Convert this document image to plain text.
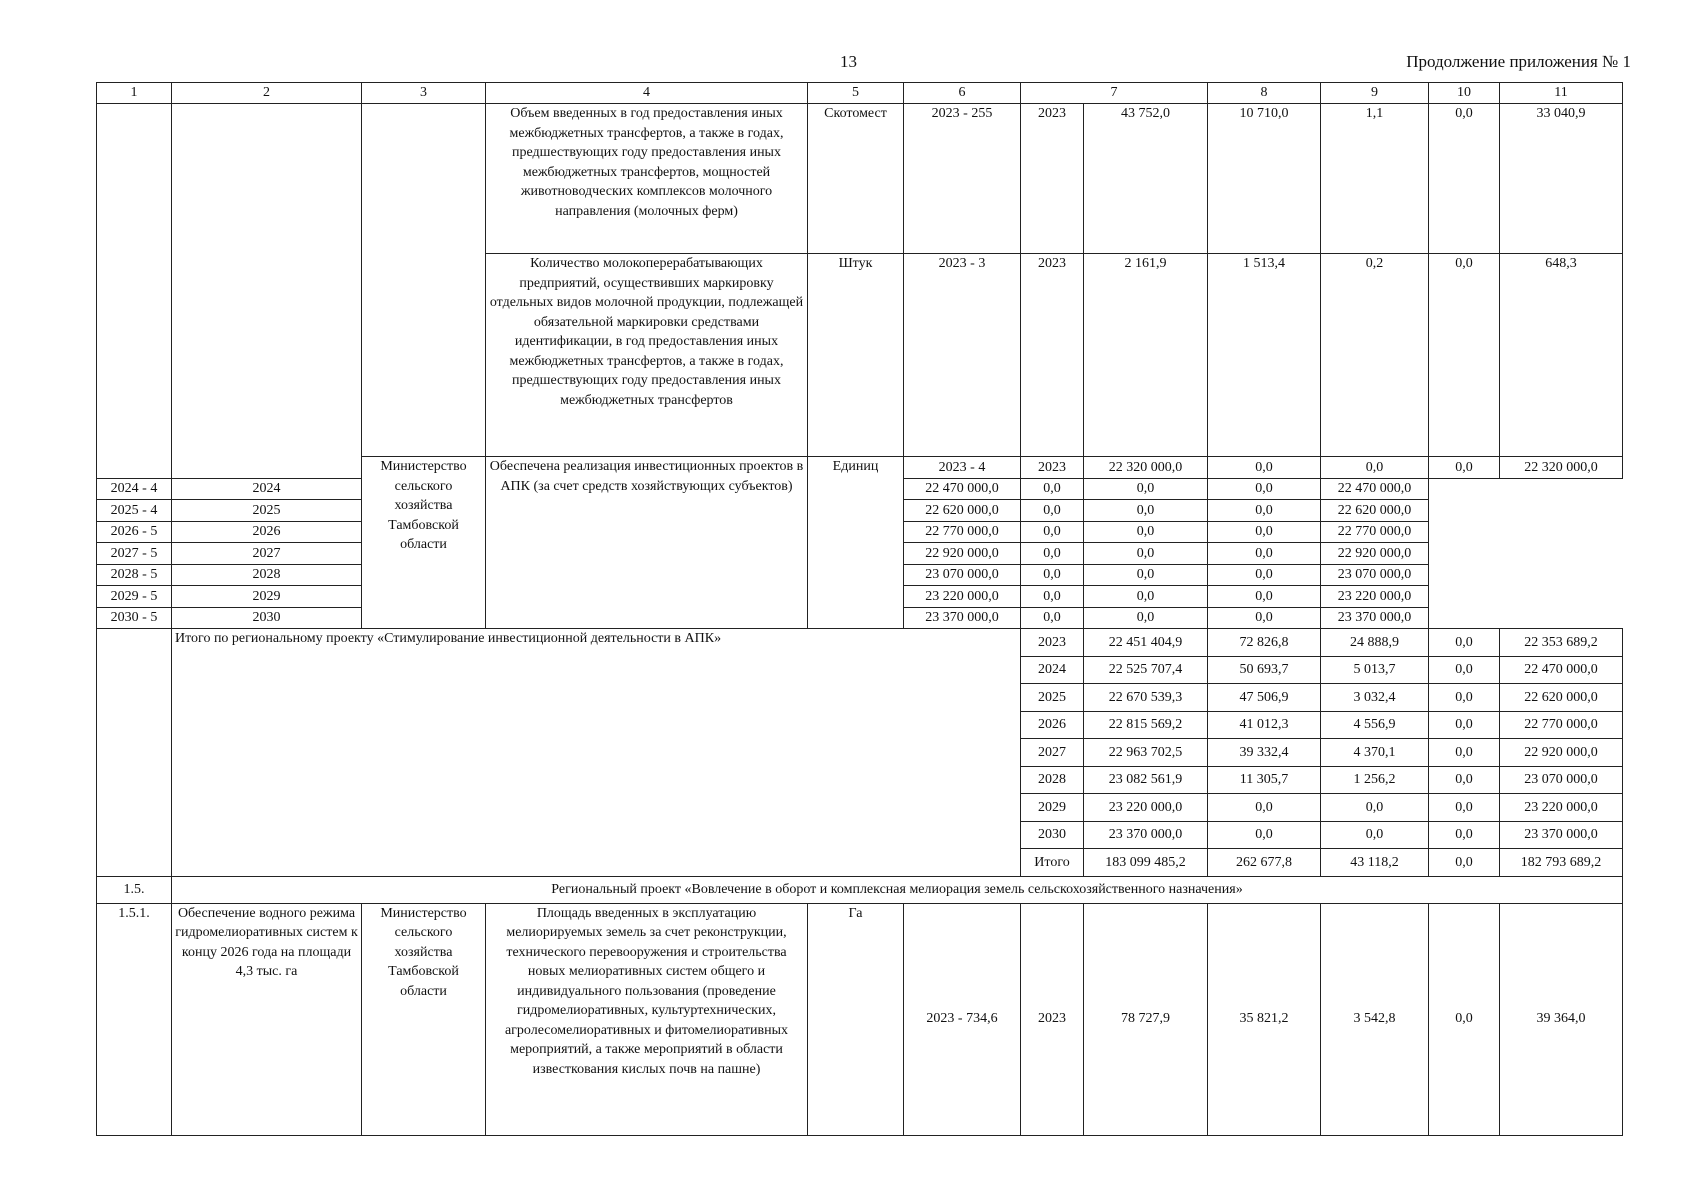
13	Продолжение приложения № 1
1	2	3	4	5	6	7		8	9	10	11
			Объем введенных в год предоставления иных межбюджетных трансфертов, а также в годах, предшествующих году предоставления иных межбюджетных трансфертов, мощностей животноводческих комплексов молочного направления (молочных ферм)	Скотомест	2023 - 255	2023	43 752,0	10 710,0	1,1	0,0	33 040,9
			Количество молокоперерабатывающих предприятий, осуществивших маркировку отдельных видов молочной продукции, подлежащей обязательной маркировки средствами идентификации, в год предоставления иных межбюджетных трансфертов, а также в годах, предшествующих году предоставления иных межбюджетных трансфертов	Штук	2023 - 3	2023	2 161,9	1 513,4	0,2	0,0	648,3
		Министерство сельского хозяйства Тамбовской области	Обеспечена реализация инвестиционных проектов в АПК (за счет средств хозяйствующих субъектов)	Единиц	2023 - 4	2023	22 320 000,0	0,0	0,0	0,0	22 320 000,0
2024 - 4	2024				22 470 000,0	0,0	0,0	0,0	22 470 000,0		
2025 - 4	2025				22 620 000,0	0,0	0,0	0,0	22 620 000,0		
2026 - 5	2026				22 770 000,0	0,0	0,0	0,0	22 770 000,0		
2027 - 5	2027				22 920 000,0	0,0	0,0	0,0	22 920 000,0		
2028 - 5	2028				23 070 000,0	0,0	0,0	0,0	23 070 000,0		
2029 - 5	2029				23 220 000,0	0,0	0,0	0,0	23 220 000,0		
2030 - 5	2030				23 370 000,0	0,0	0,0	0,0	23 370 000,0		
	Итого по региональному проекту «Стимулирование инвестиционной деятельности в АПК»					2023	22 451 404,9	72 826,8	24 888,9	0,0	22 353 689,2
						2024	22 525 707,4	50 693,7	5 013,7	0,0	22 470 000,0
						2025	22 670 539,3	47 506,9	3 032,4	0,0	22 620 000,0
						2026	22 815 569,2	41 012,3	4 556,9	0,0	22 770 000,0
						2027	22 963 702,5	39 332,4	4 370,1	0,0	22 920 000,0
						2028	23 082 561,9	11 305,7	1 256,2	0,0	23 070 000,0
						2029	23 220 000,0	0,0	0,0	0,0	23 220 000,0
						2030	23 370 000,0	0,0	0,0	0,0	23 370 000,0
						Итого	183 099 485,2	262 677,8	43 118,2	0,0	182 793 689,2
1.5.	Региональный проект «Вовлечение в оборот и комплексная мелиорация земель сельскохозяйственного назначения»										
1.5.1.	Обеспечение водного режима гидромелиоративных систем к концу 2026 года на площади 4,3 тыс. га	Министерство сельского хозяйства Тамбовской области	Площадь введенных в эксплуатацию мелиорируемых земель за счет реконструкции, технического перевооружения и строительства новых мелиоративных систем общего и индивидуального пользования (проведение гидромелиоративных, культуртехнических, агролесомелиоративных и фитомелиоративных мероприятий, а также мероприятий в области известкования кислых почв на пашне)	Га	2023 - 734,6	2023	78 727,9	35 821,2	3 542,8	0,0	39 364,0
